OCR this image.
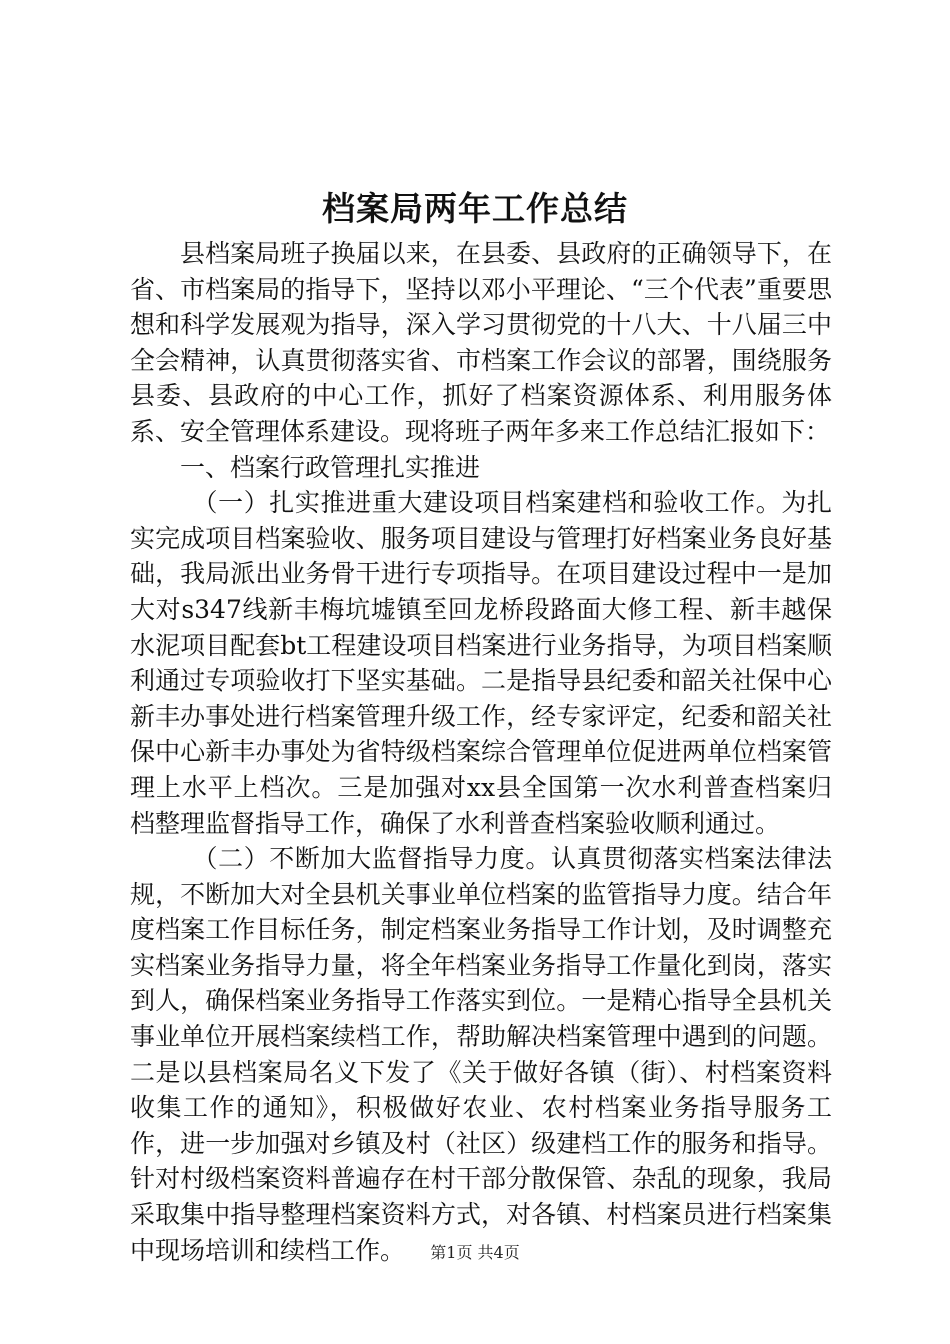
档案局两年工作总结

县档案局班子换届以来，在县委、县政府的正确领导下，在省、市档案局的指导下，坚持以邓小平理论、“三个代表”重要思想和科学发展观为指导，深入学习贯彻党的十八大、十八届三中全会精神，认真贯彻落实省、市档案工作会议的部署，围绕服务县委、县政府的中心工作，抓好了档案资源体系、利用服务体系、安全管理体系建设。现将班子两年多来工作总结汇报如下：

一、档案行政管理扎实推进

（一）扎实推进重大建设项目档案建档和验收工作。为扎实完成项目档案验收、服务项目建设与管理打好档案业务良好基础，我局派出业务骨干进行专项指导。在项目建设过程中一是加大对s347线新丰梅坑墟镇至回龙桥段路面大修工程、新丰越保水泥项目配套bt工程建设项目档案进行业务指导，为项目档案顺利通过专项验收打下坚实基础。二是指导县纪委和韶关社保中心新丰办事处进行档案管理升级工作，经专家评定，纪委和韶关社保中心新丰办事处为省特级档案综合管理单位促进两单位档案管理上水平上档次。三是加强对xx县全国第一次水利普查档案归档整理监督指导工作，确保了水利普查档案验收顺利通过。

（二）不断加大监督指导力度。认真贯彻落实档案法律法规，不断加大对全县机关事业单位档案的监管指导力度。结合年度档案工作目标任务，制定档案业务指导工作计划，及时调整充实档案业务指导力量，将全年档案业务指导工作量化到岗，落实到人，确保档案业务指导工作落实到位。一是精心指导全县机关事业单位开展档案续档工作，帮助解决档案管理中遇到的问题。二是以县档案局名义下发了《关于做好各镇（街）、村档案资料收集工作的通知》，积极做好农业、农村档案业务指导服务工作，进一步加强对乡镇及村（社区）级建档工作的服务和指导。针对村级档案资料普遍存在村干部分散保管、杂乱的现象，我局采取集中指导整理档案资料方式，对各镇、村档案员进行档案集中现场培训和续档工作。	第1页 共4页
